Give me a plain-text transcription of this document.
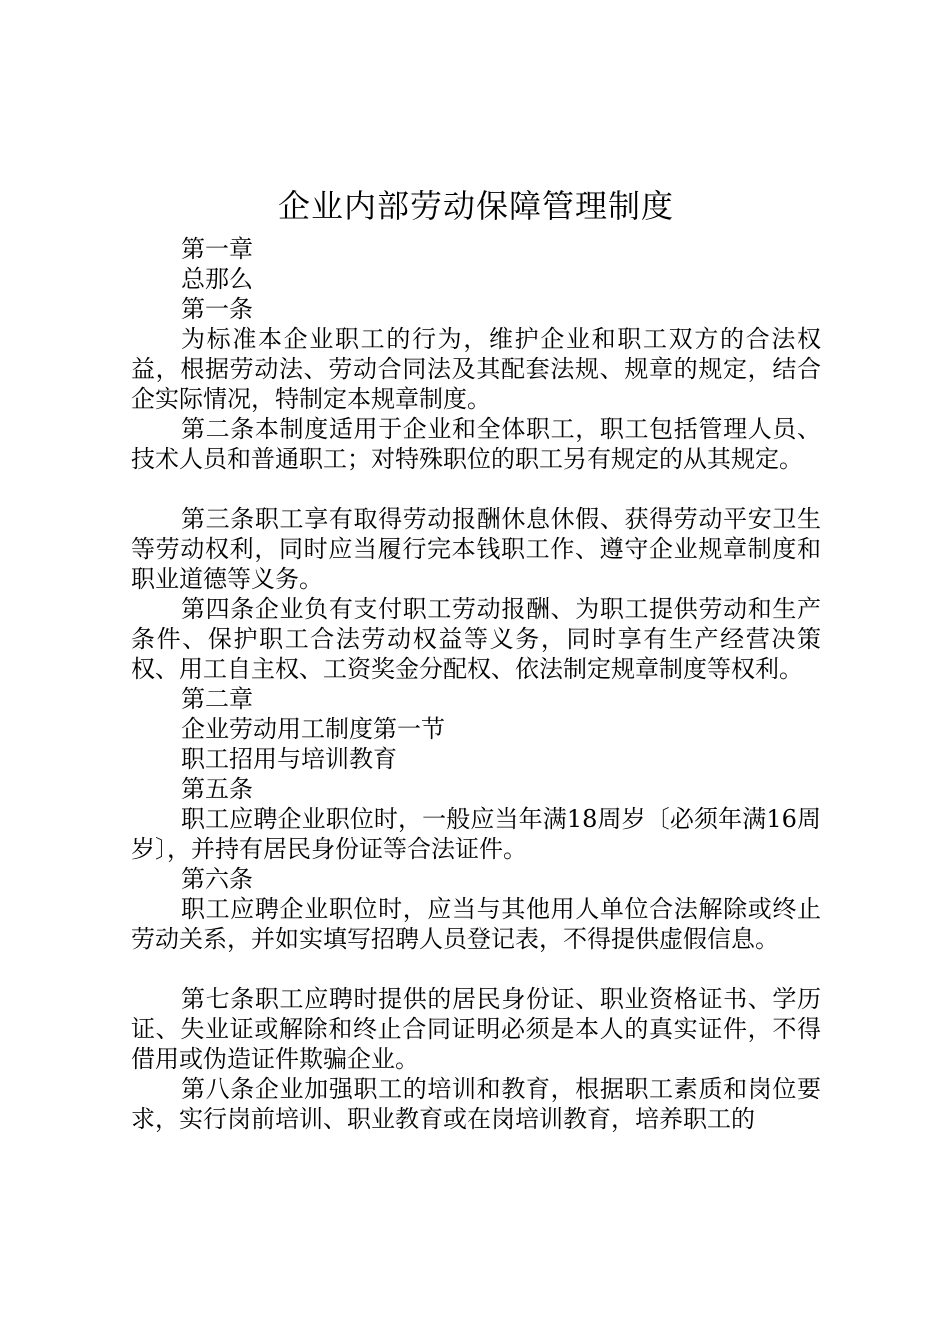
企业内部劳动保障管理制度

第一章

总那么

第一条

为标准本企业职工的行为，维护企业和职工双方的合法权益，根据劳动法、劳动合同法及其配套法规、规章的规定，结合企实际情况，特制定本规章制度。

第二条本制度适用于企业和全体职工，职工包括管理人员、技术人员和普通职工；对特殊职位的职工另有规定的从其规定。

第三条职工享有取得劳动报酬休息休假、获得劳动平安卫生等劳动权利，同时应当履行完本钱职工作、遵守企业规章制度和职业道德等义务。

第四条企业负有支付职工劳动报酬、为职工提供劳动和生产条件、保护职工合法劳动权益等义务，同时享有生产经营决策权、用工自主权、工资奖金分配权、依法制定规章制度等权利。

第二章

企业劳动用工制度第一节

职工招用与培训教育

第五条

职工应聘企业职位时，一般应当年满18周岁〔必须年满16周岁〕，并持有居民身份证等合法证件。

第六条

职工应聘企业职位时，应当与其他用人单位合法解除或终止劳动关系，并如实填写招聘人员登记表，不得提供虚假信息。

第七条职工应聘时提供的居民身份证、职业资格证书、学历证、失业证或解除和终止合同证明必须是本人的真实证件，不得借用或伪造证件欺骗企业。

第八条企业加强职工的培训和教育，根据职工素质和岗位要求，实行岗前培训、职业教育或在岗培训教育，培养职工的
